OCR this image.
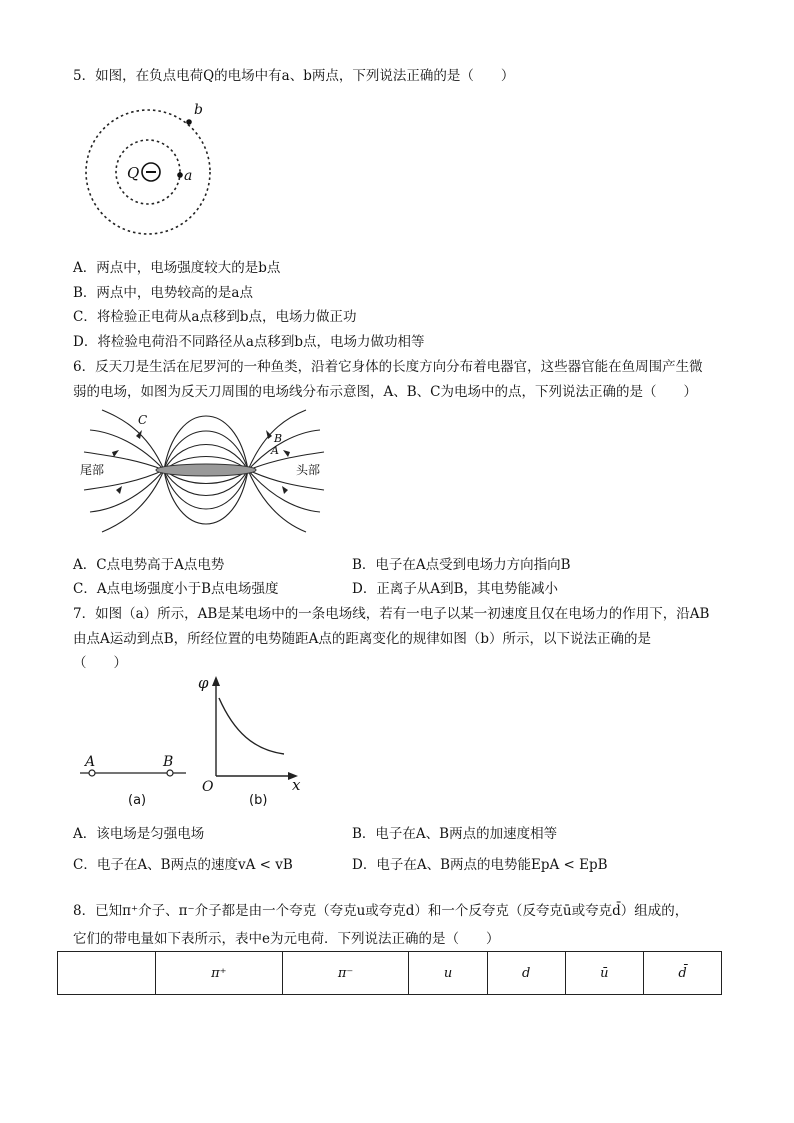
5．如图，在负点电荷Q的电场中有a、b两点，下列说法正确的是（　　）
Q	a
b
A．两点中，电场强度较大的是b点
B．两点中，电势较高的是a点
C．将检验正电荷从a点移到b点，电场力做正功
D．将检验电荷沿不同路径从a点移到b点，电场力做功相等
6．反天刀是生活在尼罗河的一种鱼类，沿着它身体的长度方向分布着电器官，这些器官能在鱼周围产生微
弱的电场，如图为反天刀周围的电场线分布示意图，A、B、C为电场中的点，下列说法正确的是（　　）
尾部	头部
C
B
A
A．C点电势高于A点电势	B．电子在A点受到电场力方向指向B
C．A点电场强度小于B点电场强度	D．正离子从A到B，其电势能减小
7．如图（a）所示，AB是某电场中的一条电场线，若有一电子以某一初速度且仅在电场力的作用下，沿AB
由点A运动到点B，所经位置的电势随距A点的距离变化的规律如图（b）所示，以下说法正确的是
（　　）
A	B
(a)
φ
x
O
(b)
A．该电场是匀强电场	B．电子在A、B两点的加速度相等
C．电子在A、B两点的速度vA < vB	D．电子在A、B两点的电势能EpA < EpB
8．已知π⁺介子、π⁻介子都是由一个夸克（夸克u或夸克d）和一个反夸克（反夸克ū或夸克d̄）组成的，
它们的带电量如下表所示，表中e为元电荷．下列说法正确的是（　　）
	π⁺	π⁻	u	d	ū	d̄
